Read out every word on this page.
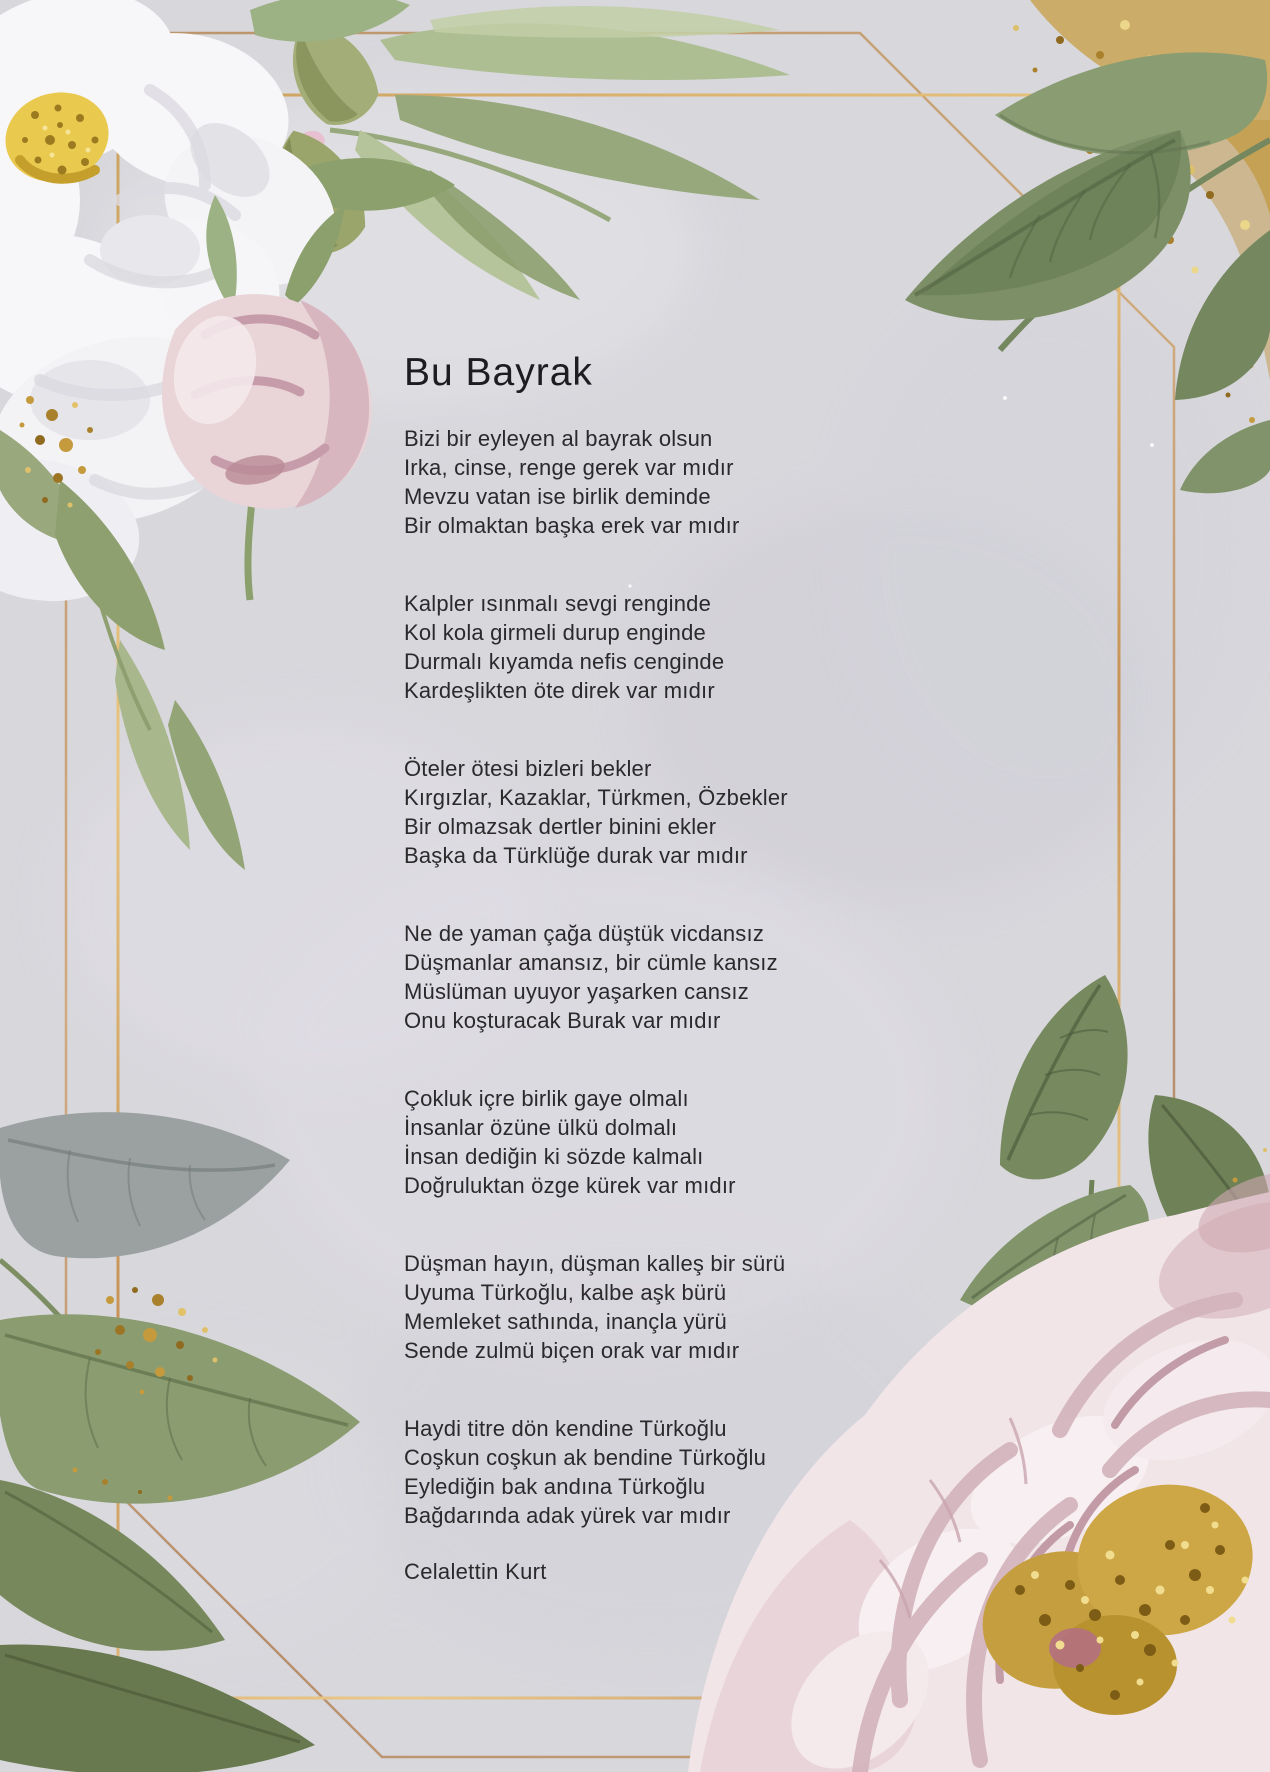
Bu Bayrak

Bizi bir eyleyen al bayrak olsun

Irka, cinse, renge gerek var mıdır

Mevzu vatan ise birlik deminde

Bir olmaktan başka erek var mıdır

Kalpler ısınmalı sevgi renginde

Kol kola girmeli durup enginde

Durmalı kıyamda nefis cenginde

Kardeşlikten öte direk var mıdır

Öteler ötesi bizleri bekler

Kırgızlar, Kazaklar, Türkmen, Özbekler

Bir olmazsak dertler binini ekler

Başka da Türklüğe durak var mıdır

Ne de yaman çağa düştük vicdansız

Düşmanlar amansız, bir cümle kansız

Müslüman uyuyor yaşarken cansız

Onu koşturacak Burak var mıdır

Çokluk içre birlik gaye olmalı

İnsanlar özüne ülkü dolmalı

İnsan dediğin ki sözde kalmalı

Doğruluktan özge kürek var mıdır

Düşman hayın, düşman kalleş bir sürü

Uyuma Türkoğlu, kalbe aşk bürü

Memleket sathında, inançla yürü

Sende zulmü biçen orak var mıdır

Haydi titre dön kendine Türkoğlu

Coşkun coşkun ak bendine Türkoğlu

Eylediğin bak andına Türkoğlu

Bağdarında adak yürek var mıdır

Celalettin Kurt
